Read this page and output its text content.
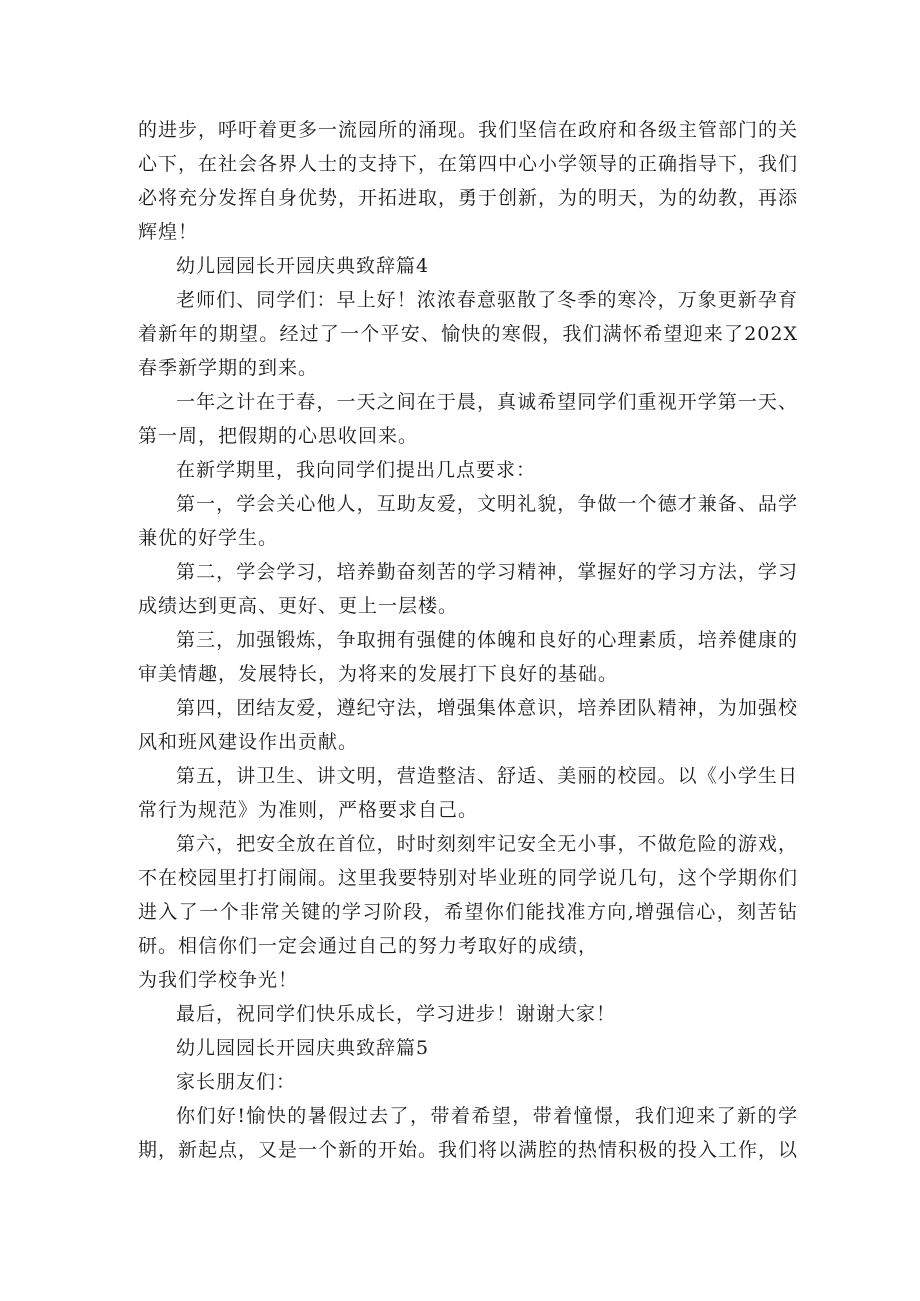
的进步，呼吁着更多一流园所的涌现。我们坚信在政府和各级主管部门的关心下，在社会各界人士的支持下，在第四中心小学领导的正确指导下，我们必将充分发挥自身优势，开拓进取，勇于创新，为的明天，为的幼教，再添辉煌！

幼儿园园长开园庆典致辞篇4

老师们、同学们：早上好！浓浓春意驱散了冬季的寒冷，万象更新孕育着新年的期望。经过了一个平安、愉快的寒假，我们满怀希望迎来了202X春季新学期的到来。

一年之计在于春，一天之间在于晨，真诚希望同学们重视开学第一天、第一周，把假期的心思收回来。

在新学期里，我向同学们提出几点要求：

第一，学会关心他人，互助友爱，文明礼貌，争做一个德才兼备、品学兼优的好学生。

第二，学会学习，培养勤奋刻苦的学习精神，掌握好的学习方法，学习成绩达到更高、更好、更上一层楼。

第三，加强锻炼，争取拥有强健的体魄和良好的心理素质，培养健康的审美情趣，发展特长，为将来的发展打下良好的基础。

第四，团结友爱，遵纪守法，增强集体意识，培养团队精神，为加强校风和班风建设作出贡献。

第五，讲卫生、讲文明，营造整洁、舒适、美丽的校园。以《小学生日常行为规范》为准则，严格要求自己。

第六，把安全放在首位，时时刻刻牢记安全无小事，不做危险的游戏，不在校园里打打闹闹。这里我要特别对毕业班的同学说几句，这个学期你们进入了一个非常关键的学习阶段，希望你们能找准方向,增强信心，刻苦钻研。相信你们一定会通过自己的努力考取好的成绩，

为我们学校争光！

最后，祝同学们快乐成长，学习进步！谢谢大家！

幼儿园园长开园庆典致辞篇5

家长朋友们：

你们好!愉快的暑假过去了，带着希望，带着憧憬，我们迎来了新的学期，新起点，又是一个新的开始。我们将以满腔的热情积极的投入工作，以
